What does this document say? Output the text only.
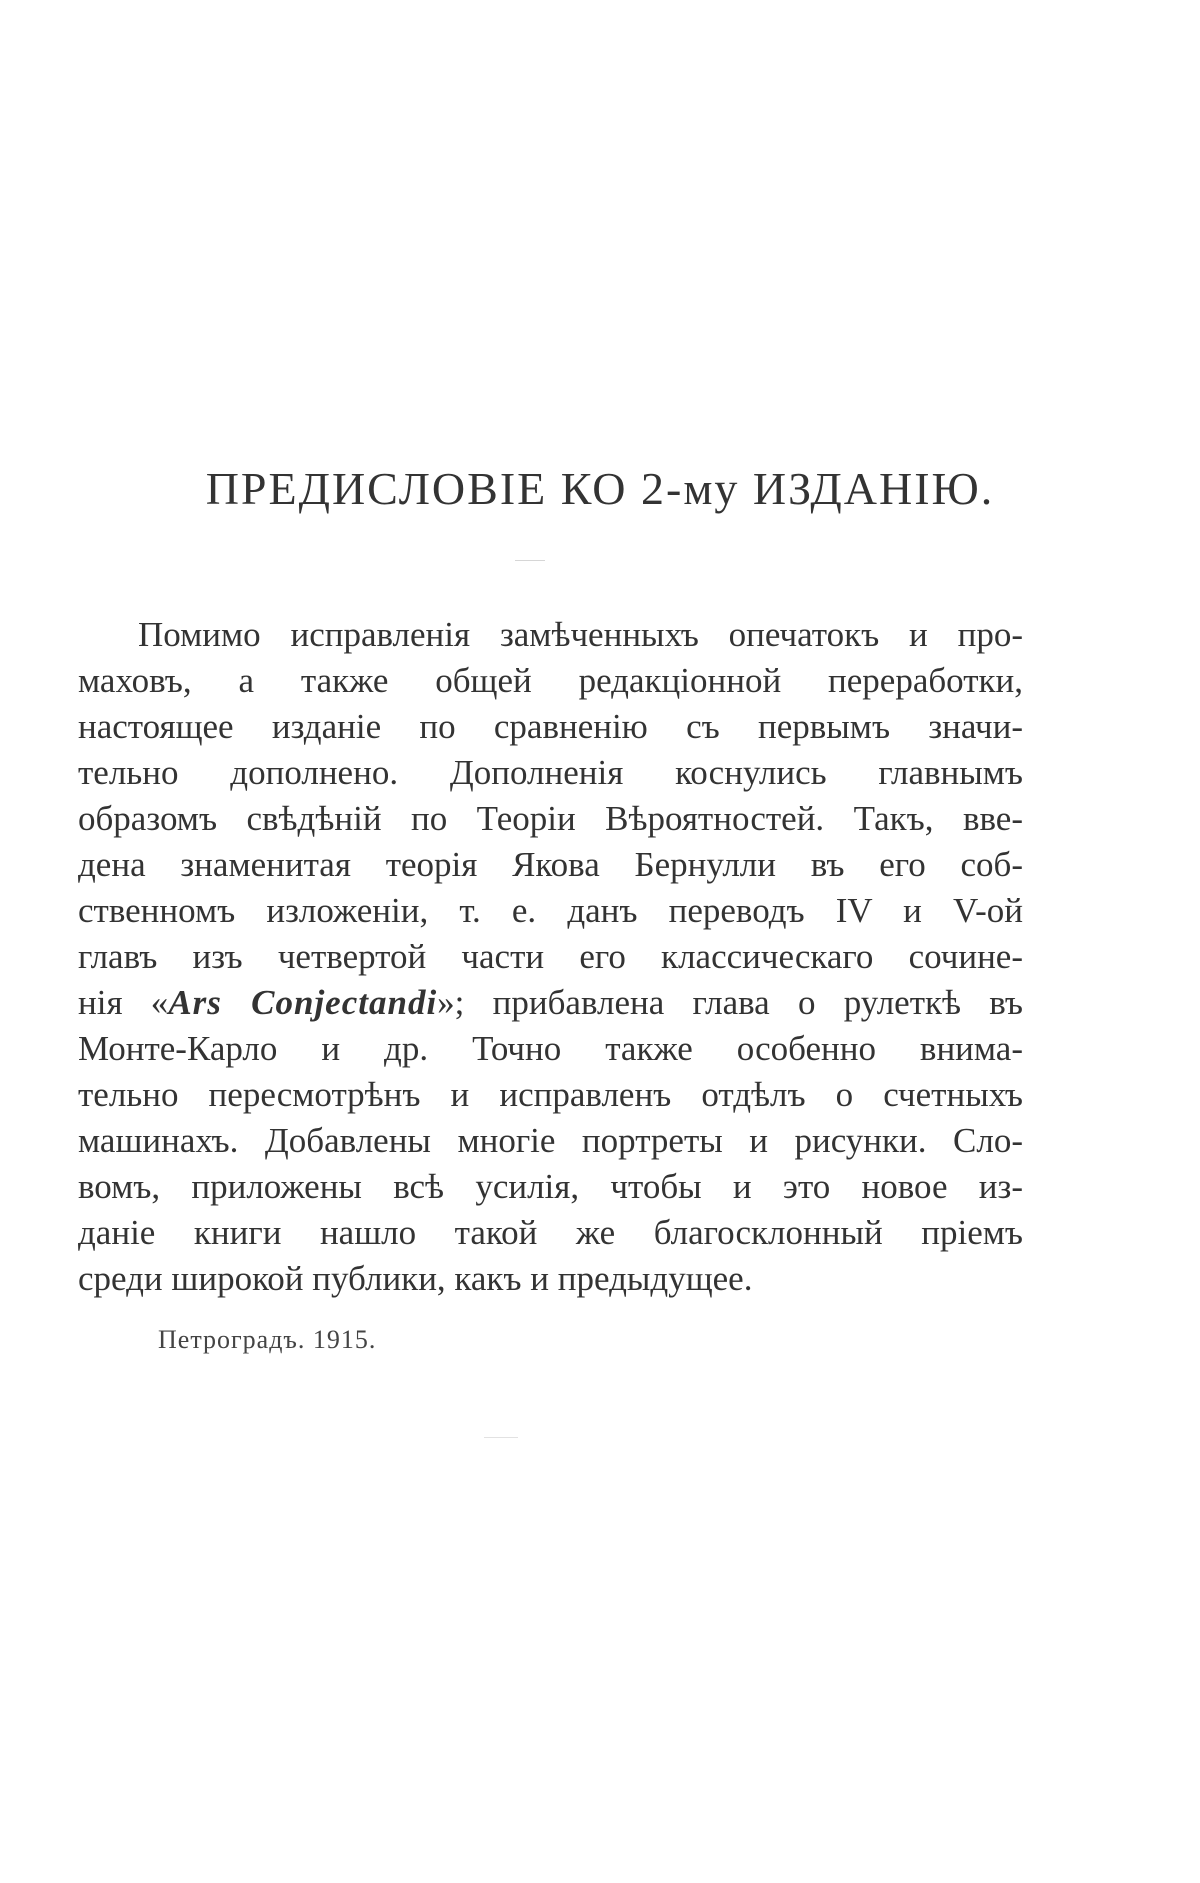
ПРЕДИСЛОВІЕ КО 2-му ИЗДАНІЮ.
Помимо исправленія замѣченныхъ опечатокъ и про-
маховъ, а также общей редакціонной переработки,
настоящее изданіе по сравненію съ первымъ значи-
тельно дополнено. Дополненія коснулись главнымъ
образомъ свѣдѣній по Теоріи Вѣроятностей. Такъ, вве-
дена знаменитая теорія Якова Бернулли въ его соб-
ственномъ изложеніи, т. е. данъ переводъ IV и V-ой
главъ изъ четвертой части его классическаго сочине-
нія «Ars Conjectandi»; прибавлена глава о рулеткѣ въ
Монте-Карло и др. Точно также особенно внима-
тельно пересмотрѣнъ и исправленъ отдѣлъ о счетныхъ
машинахъ. Добавлены многіе портреты и рисунки. Сло-
вомъ, приложены всѣ усилія, чтобы и это новое из-
даніе книги нашло такой же благосклонный пріемъ
среди широкой публики, какъ и предыдущее.
Петроградъ. 1915.
